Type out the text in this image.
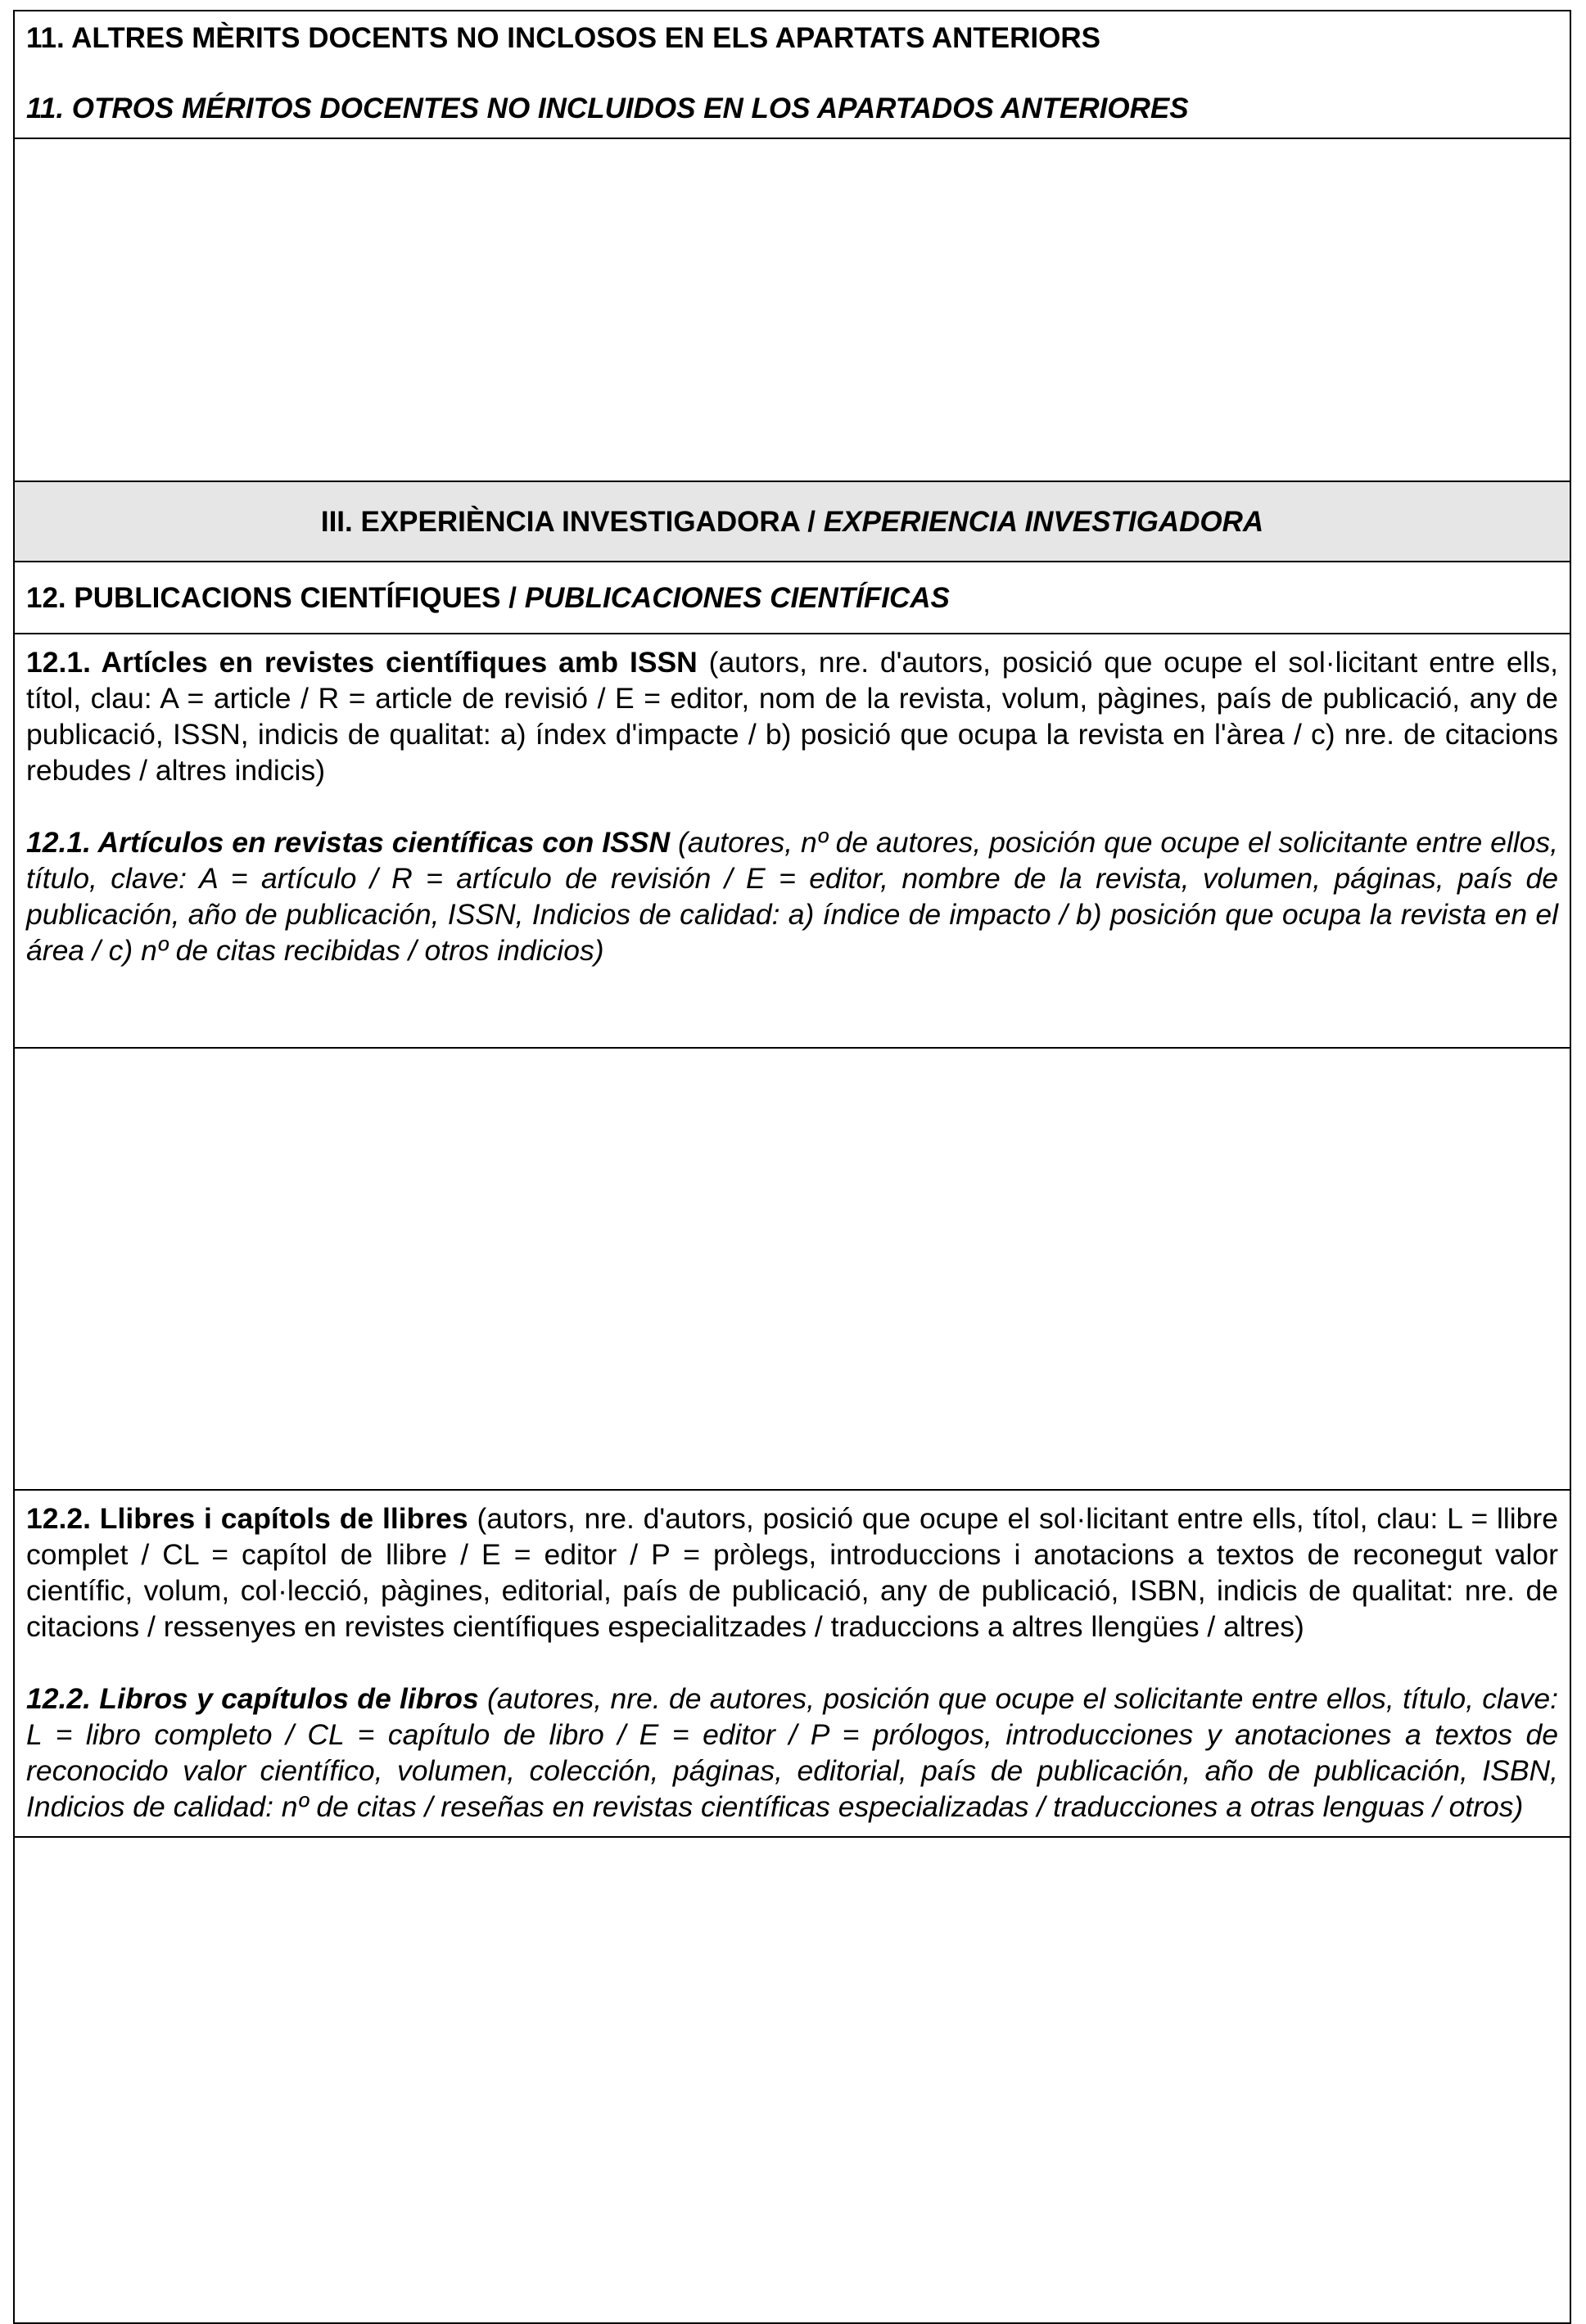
11. ALTRES MÈRITS DOCENTS NO INCLOSOS EN ELS APARTATS ANTERIORS
11. OTROS MÉRITOS DOCENTES NO INCLUIDOS EN LOS APARTADOS ANTERIORES
III. EXPERIÈNCIA INVESTIGADORA / EXPERIENCIA INVESTIGADORA
12. PUBLICACIONS CIENTÍFIQUES / PUBLICACIONES CIENTÍFICAS

12.1. Artícles en revistes científiques amb ISSN (autors, nre. d'autors, posició que ocupe el sol·licitant entre ells, títol, clau: A = article / R = article de revisió / E = editor, nom de la revista, volum, pàgines, país de publicació, any de publicació, ISSN, indicis de qualitat: a) índex d'impacte / b) posició que ocupa la revista en l'àrea / c) nre. de citacions rebudes / altres indicis)

12.1. Artículos en revistas científicas con ISSN (autores, nº de autores, posición que ocupe el solicitante entre ellos, título, clave: A = artículo / R = artículo de revisión / E = editor, nombre de la revista, volumen, páginas, país de publicación, año de publicación, ISSN, Indicios de calidad: a) índice de impacto / b) posición que ocupa la revista en el área / c) nº de citas recibidas / otros indicios)

12.2. Llibres i capítols de llibres (autors, nre. d'autors, posició que ocupe el sol·licitant entre ells, títol, clau: L = llibre complet / CL = capítol de llibre / E = editor / P = pròlegs, introduccions i anotacions a textos de reconegut valor científic, volum, col·lecció, pàgines, editorial, país de publicació, any de publicació, ISBN, indicis de qualitat: nre. de citacions / ressenyes en revistes científiques especialitzades / traduccions a altres llengües / altres)

12.2. Libros y capítulos de libros (autores, nre. de autores, posición que ocupe el solicitante entre ellos, título, clave: L = libro completo / CL = capítulo de libro / E = editor / P = prólogos, introducciones y anotaciones a textos de reconocido valor científico, volumen, colección, páginas, editorial, país de publicación, año de publicación, ISBN, Indicios de calidad: nº de citas / reseñas en revistas científicas especializadas / traducciones a otras lenguas / otros)
